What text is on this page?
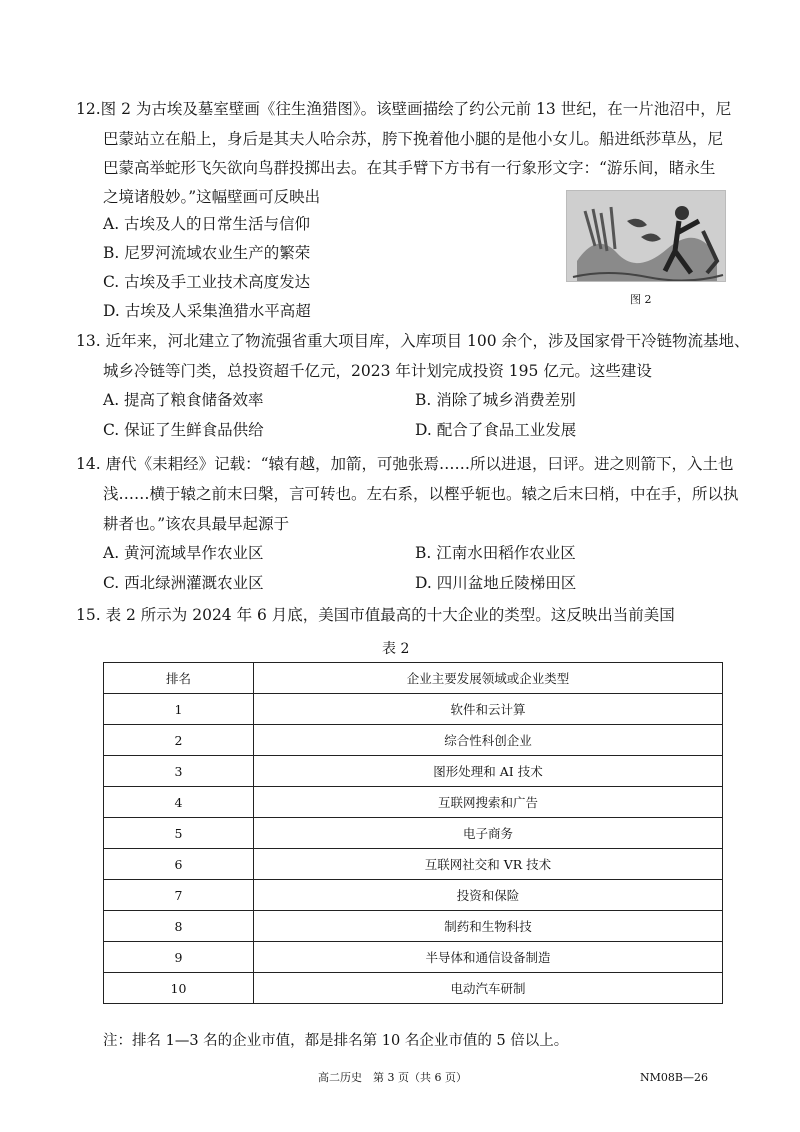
12.图 2 为古埃及墓室壁画《往生渔猎图》。该壁画描绘了约公元前 13 世纪，在一片池沼中，尼
巴蒙站立在船上，身后是其夫人哈佘苏，胯下挽着他小腿的是他小女儿。船进纸莎草丛，尼
巴蒙高举蛇形飞矢欲向鸟群投掷出去。在其手臂下方书有一行象形文字：“游乐间，睹永生
之境诸般妙。”这幅壁画可反映出
A. 古埃及人的日常生活与信仰
B. 尼罗河流域农业生产的繁荣
C. 古埃及手工业技术高度发达
D. 古埃及人采集渔猎水平高超
图 2
13. 近年来，河北建立了物流强省重大项目库，入库项目 100 余个，涉及国家骨干冷链物流基地、
城乡冷链等门类，总投资超千亿元，2023 年计划完成投资 195 亿元。这些建设
A. 提高了粮食储备效率	B. 消除了城乡消费差别
C. 保证了生鲜食品供给	D. 配合了食品工业发展
14. 唐代《耒耜经》记载：“辕有越，加箭，可弛张焉……所以进退，曰评。进之则箭下，入土也
浅……横于辕之前末曰槃，言可转也。左右系，以樫乎轭也。辕之后末曰梢，中在手，所以执
耕者也。”该农具最早起源于
A. 黄河流域旱作农业区	B. 江南水田稻作农业区
C. 西北绿洲灌溉农业区	D. 四川盆地丘陵梯田区
15. 表 2 所示为 2024 年 6 月底，美国市值最高的十大企业的类型。这反映出当前美国
表 2
排名	企业主要发展领域或企业类型
1	软件和云计算
2	综合性科创企业
3	图形处理和 AI 技术
4	互联网搜索和广告
5	电子商务
6	互联网社交和 VR 技术
7	投资和保险
8	制药和生物科技
9	半导体和通信设备制造
10	电动汽车研制
注：排名 1—3 名的企业市值，都是排名第 10 名企业市值的 5 倍以上。
高二历史　第 3 页（共 6 页）	NM08B—26
